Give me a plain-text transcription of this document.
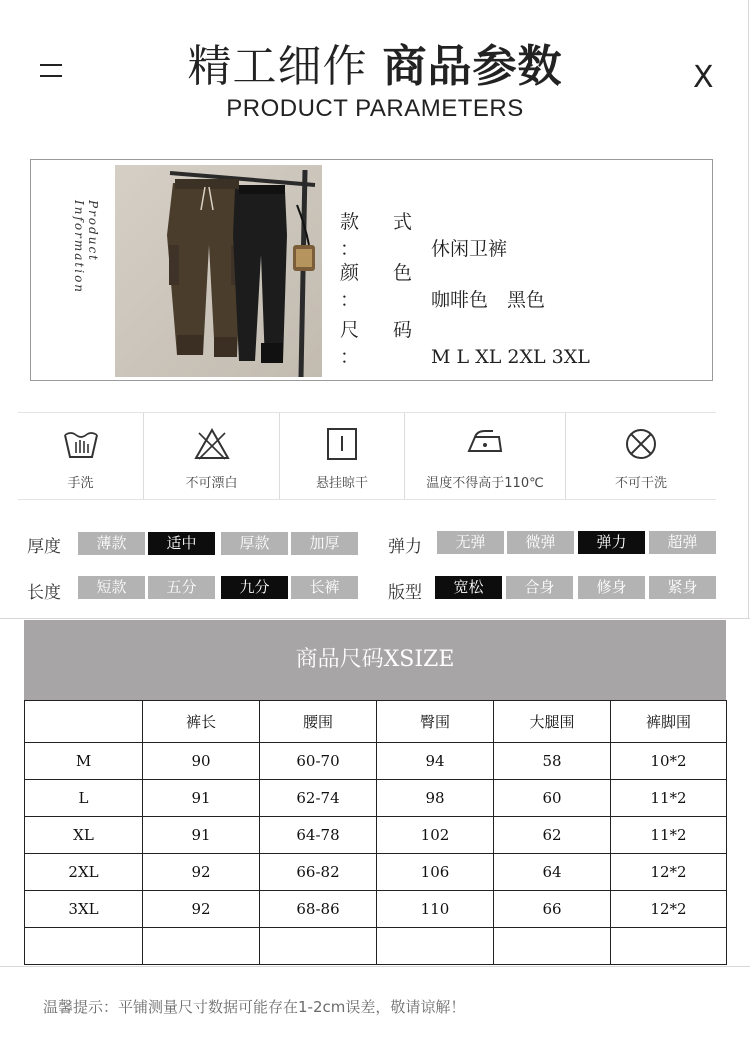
精工细作 商品参数	X
PRODUCT PARAMETERS
Product Information	款 式：	休闲卫裤
颜 色：	咖啡色　黑色
尺 码：	M L XL 2XL 3XL
手洗	不可漂白	悬挂晾干	温度不得高于110℃	不可干洗
厚度	薄款	适中	厚款	加厚	弹力	无弹	微弹	弹力	超弹
长度	短款	五分	九分	长裤	版型	宽松	合身	修身	紧身
商品尺码XSIZE
	裤长	腰围	臀围	大腿围	裤脚围
M	90	60-70	94	58	10*2
L	91	62-74	98	60	11*2
XL	91	64-78	102	62	11*2
2XL	92	66-82	106	64	12*2
3XL	92	68-86	110	66	12*2

温馨提示：平铺测量尺寸数据可能存在1-2cm误差，敬请谅解！
